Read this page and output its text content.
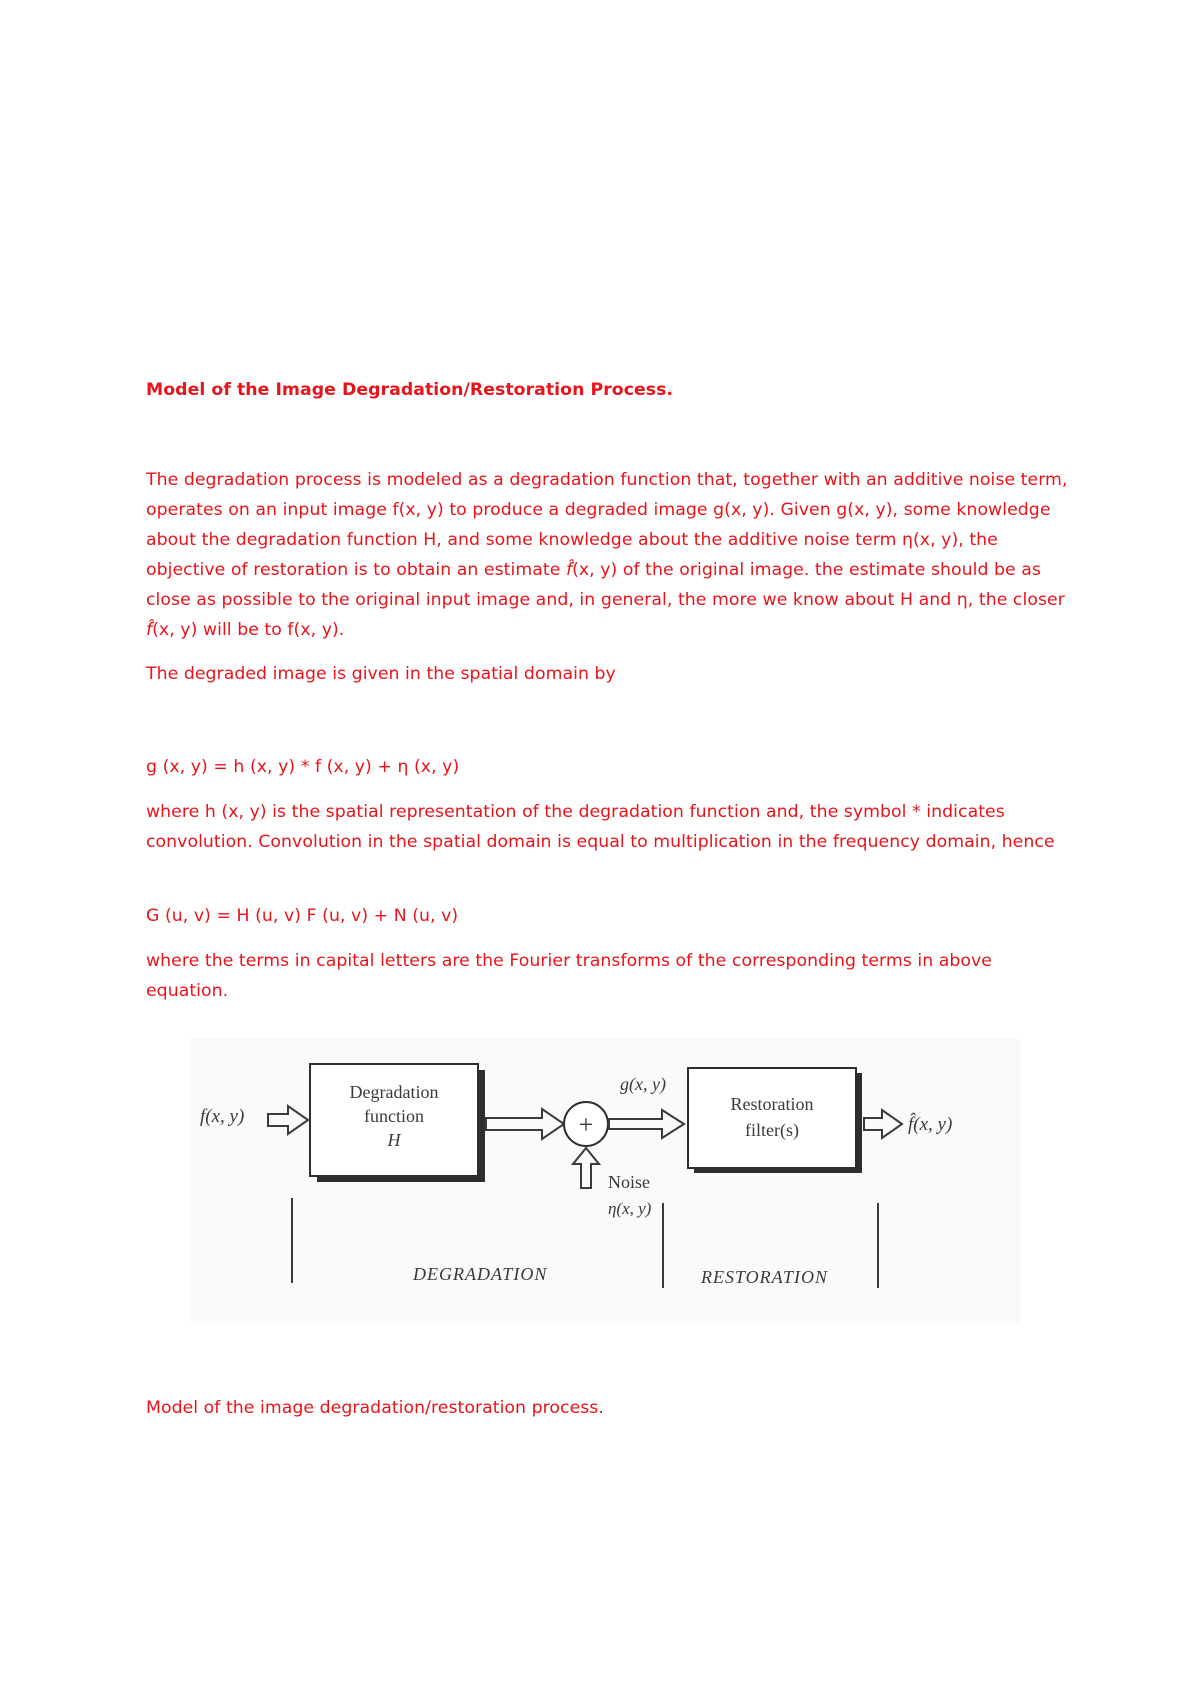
Model of the Image Degradation/Restoration Process.

The degradation process is modeled as a degradation function that, together with an additive noise term, operates on an input image f(x, y) to produce a degraded image g(x, y). Given g(x, y), some knowledge about the degradation function H, and some knowledge about the additive noise term η(x, y), the objective of restoration is to obtain an estimate f̂(x, y) of the original image. the estimate should be as close as possible to the original input image and, in general, the more we know about H and η, the closer f̂(x, y) will be to f(x, y).

The degraded image is given in the spatial domain by

g (x, y) = h (x, y) * f (x, y) + η (x, y)

where h (x, y) is the spatial representation of the degradation function and, the symbol * indicates convolution. Convolution in the spatial domain is equal to multiplication in the frequency domain, hence

G (u, v) = H (u, v) F (u, v) + N (u, v)

where the terms in capital letters are the Fourier transforms of the corresponding terms in above equation.

f(x, y)
Degradation
function
H
+
g(x, y)
Noise
η(x, y)
Restoration
filter(s)	f̂(x, y)
DEGRADATION	RESTORATION

Model of the image degradation/restoration process.
